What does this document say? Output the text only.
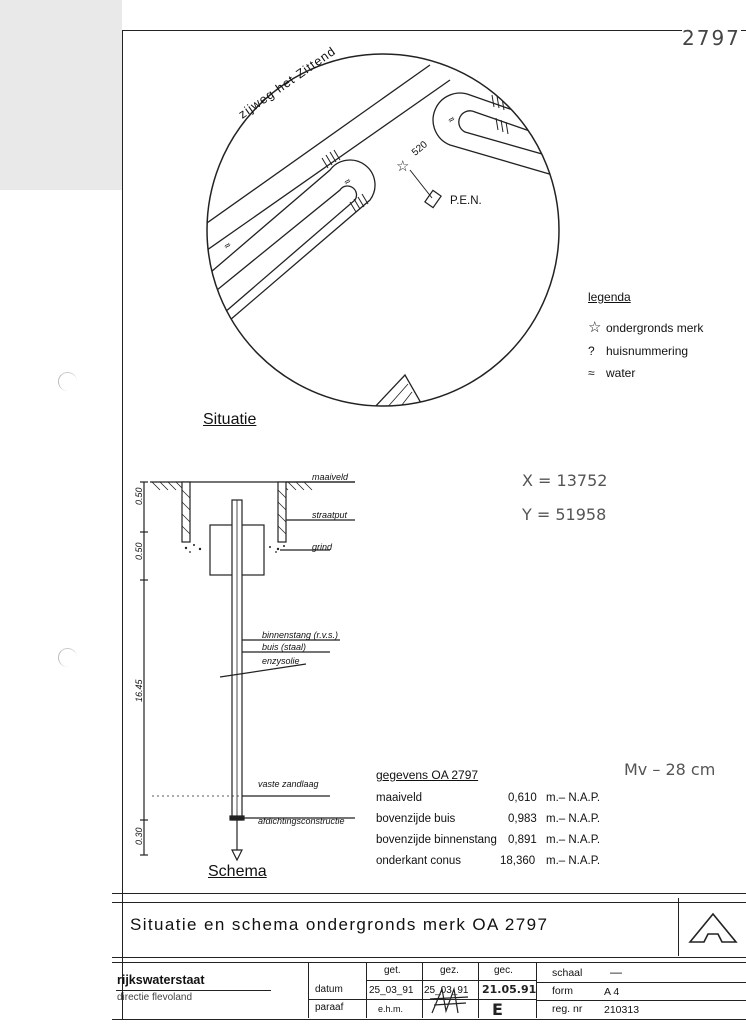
2797
≈
≈
≈
☆
zijweg het Zittend
520
P.E.N.
legenda
☆ ondergronds merk
? huisnummering
≈ water
Situatie
X = 13752
Y = 51958
Mv – 28 cm
maaiveld
straatput
grind
binnenstang (r.v.s.)
buis (staal)
enzysolie
vaste zandlaag
afdichtingsconstructie
0.50
0.50
16.45
0.30
Schema
gegevens OA 2797
maaiveld	0,610 m.– N.A.P.
bovenzijde buis	0,983 m.– N.A.P.
bovenzijde binnenstang 0,891 m.– N.A.P.
onderkant conus	18,360 m.– N.A.P.
Situatie en schema ondergronds merk OA 2797
rijkswaterstaat
directie flevoland
datum
paraaf
get.	gez.	gec.
25_03_91 25_03_91 21.05.91
e.h.m.	E
schaal —
form	A 4
reg. nr 210313
